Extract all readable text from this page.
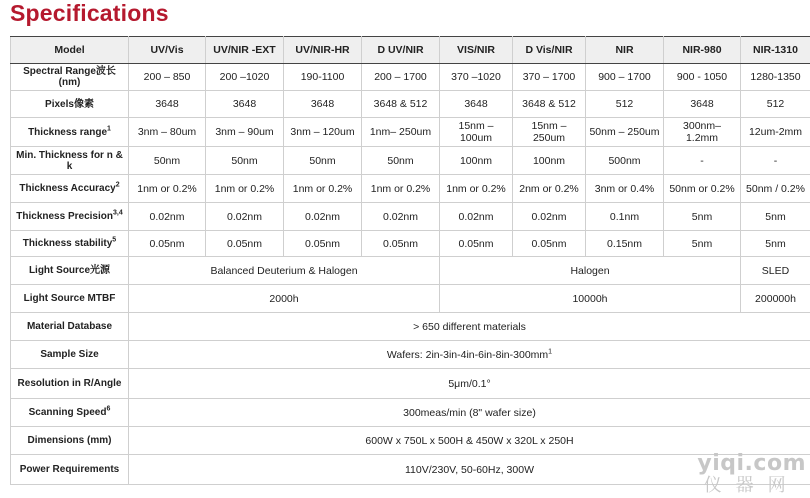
Specifications
Model	UV/Vis	UV/NIR -EXT	UV/NIR-HR	D UV/NIR	VIS/NIR	D Vis/NIR	NIR	NIR-980	NIR-1310
Spectral Range波长 (nm)	200 – 850	200 –1020	190-1100	200 – 1700	370 –1020	370 – 1700	900 – 1700	900 - 1050	1280-1350
Pixels像素	3648	3648	3648	3648 & 512	3648	3648 & 512	512	3648	512
Thickness range$^1$	3nm – 80um	3nm – 90um	3nm – 120um	1nm– 250um	15nm – 100um	15nm – 250um	50nm – 250um	300nm– 1.2mm	12um-2mm
Min. Thickness for n & k	50nm	50nm	50nm	50nm	100nm	100nm	500nm	-	-
Thickness Accuracy$^2$	1nm or 0.2%	1nm or 0.2%	1nm or 0.2%	1nm or 0.2%	1nm or 0.2%	2nm or 0.2%	3nm or 0.4%	50nm or 0.2%	50nm / 0.2%
Thickness Precision$^{3,4}$	0.02nm	0.02nm	0.02nm	0.02nm	0.02nm	0.02nm	0.1nm	5nm	5nm
Thickness stability$^5$	0.05nm	0.05nm	0.05nm	0.05nm	0.05nm	0.05nm	0.15nm	5nm	5nm
Light Source光源	Balanced Deuterium & Halogen				Halogen				SLED
Light Source MTBF	2000h				10000h				200000h
Material Database	> 650 different materials								
Sample Size	Wafers: $2in-3in-4in-6in-8in-300mm^1$
Resolution in R/Angle	5μm/0.1°								
Scanning Speed$^6$	300meas/min (8" wafer size)								
Dimensions (mm)	600W x 750L x 500H & 450W x 320L x 250H								
Power Requirements	110V/230V, 50-60Hz, 300W									yiqi.com
仪器网
